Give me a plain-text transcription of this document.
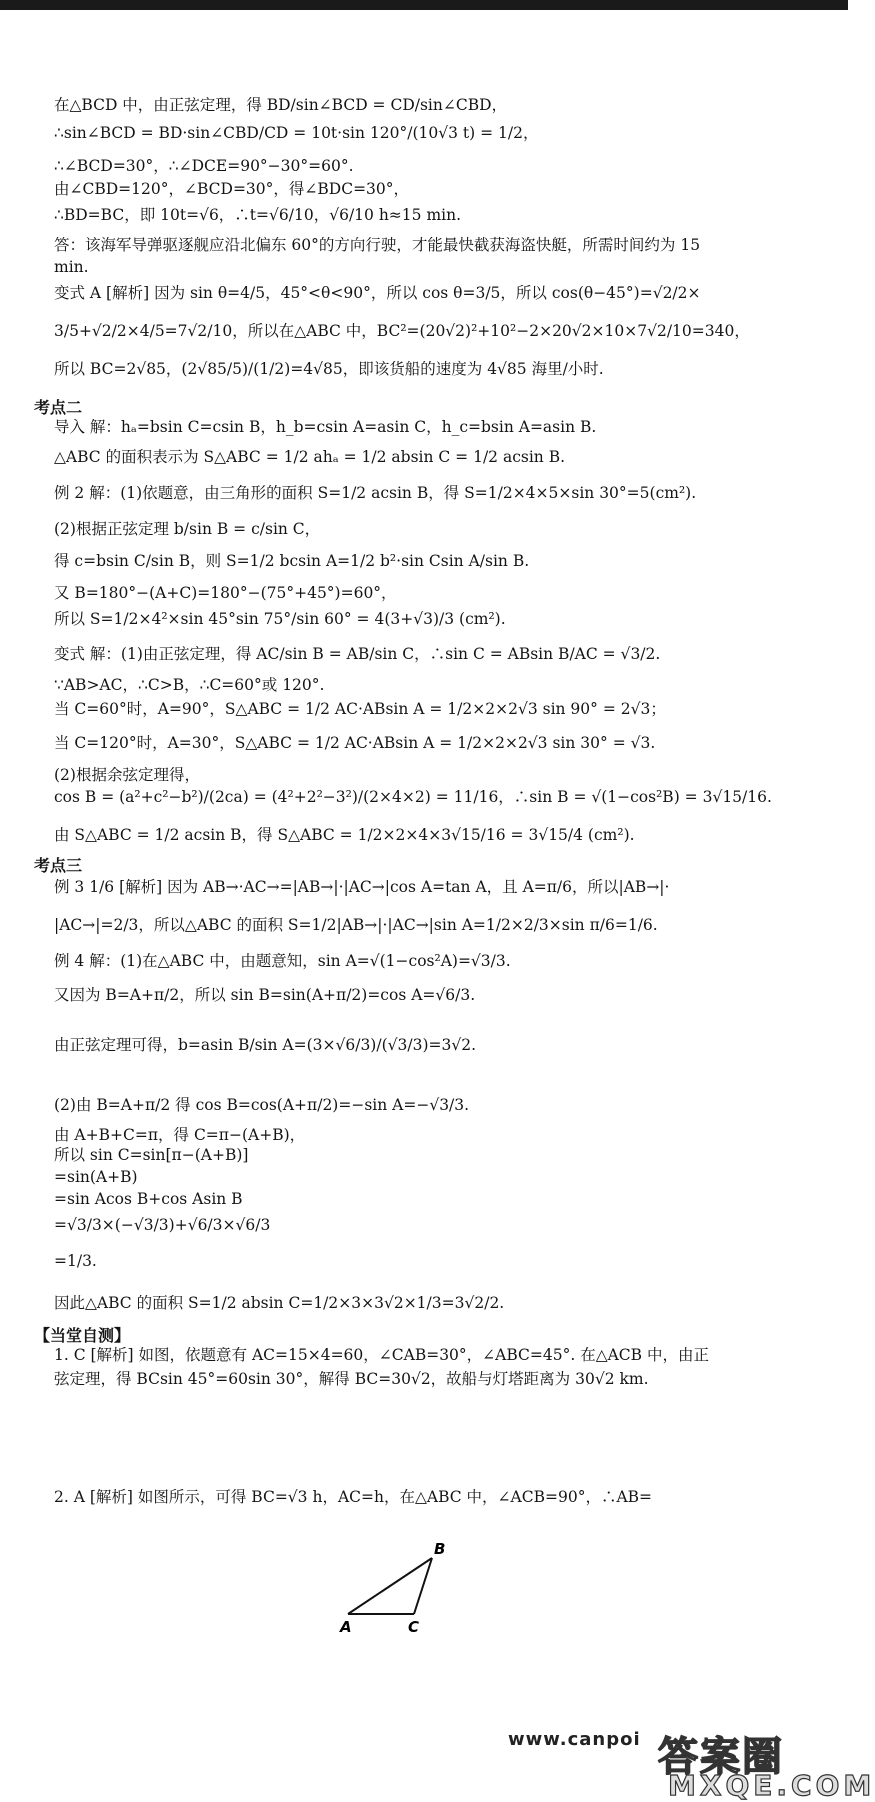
在△BCD 中，由正弦定理，得 BD/sin∠BCD = CD/sin∠CBD，
∴sin∠BCD = BD·sin∠CBD/CD = 10t·sin 120°/(10√3 t) = 1/2，
∴∠BCD=30°，∴∠DCE=90°−30°=60°.
由∠CBD=120°，∠BCD=30°，得∠BDC=30°，
∴BD=BC，即 10t=√6，∴t=√6/10，√6/10 h≈15 min.
答：该海军导弹驱逐舰应沿北偏东 60°的方向行驶，才能最快截获海盗快艇，所需时间约为 15
min.
变式 A [解析] 因为 sin θ=4/5，45°<θ<90°，所以 cos θ=3/5，所以 cos(θ−45°)=√2/2×
3/5+√2/2×4/5=7√2/10，所以在△ABC 中，BC²=(20√2)²+10²−2×20√2×10×7√2/10=340，
所以 BC=2√85，(2√85/5)/(1/2)=4√85，即该货船的速度为 4√85 海里/小时.
考点二
导入 解：hₐ=bsin C=csin B，h_b=csin A=asin C，h_c=bsin A=asin B.
△ABC 的面积表示为 S△ABC = 1/2 ahₐ = 1/2 absin C = 1/2 acsin B.
例 2 解：(1)依题意，由三角形的面积 S=1/2 acsin B，得 S=1/2×4×5×sin 30°=5(cm²).
(2)根据正弦定理 b/sin B = c/sin C，
得 c=bsin C/sin B，则 S=1/2 bcsin A=1/2 b²·sin Csin A/sin B.
又 B=180°−(A+C)=180°−(75°+45°)=60°，
所以 S=1/2×4²×sin 45°sin 75°/sin 60° = 4(3+√3)/3 (cm²).
变式 解：(1)由正弦定理，得 AC/sin B = AB/sin C，∴sin C = ABsin B/AC = √3/2.
∵AB>AC，∴C>B，∴C=60°或 120°.
当 C=60°时，A=90°，S△ABC = 1/2 AC·ABsin A = 1/2×2×2√3 sin 90° = 2√3；
当 C=120°时，A=30°，S△ABC = 1/2 AC·ABsin A = 1/2×2×2√3 sin 30° = √3.
(2)根据余弦定理得，
cos B = (a²+c²−b²)/(2ca) = (4²+2²−3²)/(2×4×2) = 11/16，∴sin B = √(1−cos²B) = 3√15/16.
由 S△ABC = 1/2 acsin B，得 S△ABC = 1/2×2×4×3√15/16 = 3√15/4 (cm²).
考点三
例 3 1/6 [解析] 因为 AB→·AC→=|AB→|·|AC→|cos A=tan A，且 A=π/6，所以|AB→|·
|AC→|=2/3，所以△ABC 的面积 S=1/2|AB→|·|AC→|sin A=1/2×2/3×sin π/6=1/6.
例 4 解：(1)在△ABC 中，由题意知，sin A=√(1−cos²A)=√3/3.
又因为 B=A+π/2，所以 sin B=sin(A+π/2)=cos A=√6/3.
由正弦定理可得，b=asin B/sin A=(3×√6/3)/(√3/3)=3√2.
(2)由 B=A+π/2 得 cos B=cos(A+π/2)=−sin A=−√3/3.
由 A+B+C=π，得 C=π−(A+B)，
所以 sin C=sin[π−(A+B)]
=sin(A+B)
=sin Acos B+cos Asin B
=√3/3×(−√3/3)+√6/3×√6/3
=1/3.
因此△ABC 的面积 S=1/2 absin C=1/2×3×3√2×1/3=3√2/2.
【当堂自测】
1. C [解析] 如图，依题意有 AC=15×4=60，∠CAB=30°，∠ABC=45°. 在△ACB 中，由正
弦定理，得 BCsin 45°=60sin 30°，解得 BC=30√2，故船与灯塔距离为 30√2 km.
2. A [解析] 如图所示，可得 BC=√3 h，AC=h，在△ABC 中，∠ACB=90°，∴AB=
B
A	C
www.canpoi 答案圈
MXQE.COM
